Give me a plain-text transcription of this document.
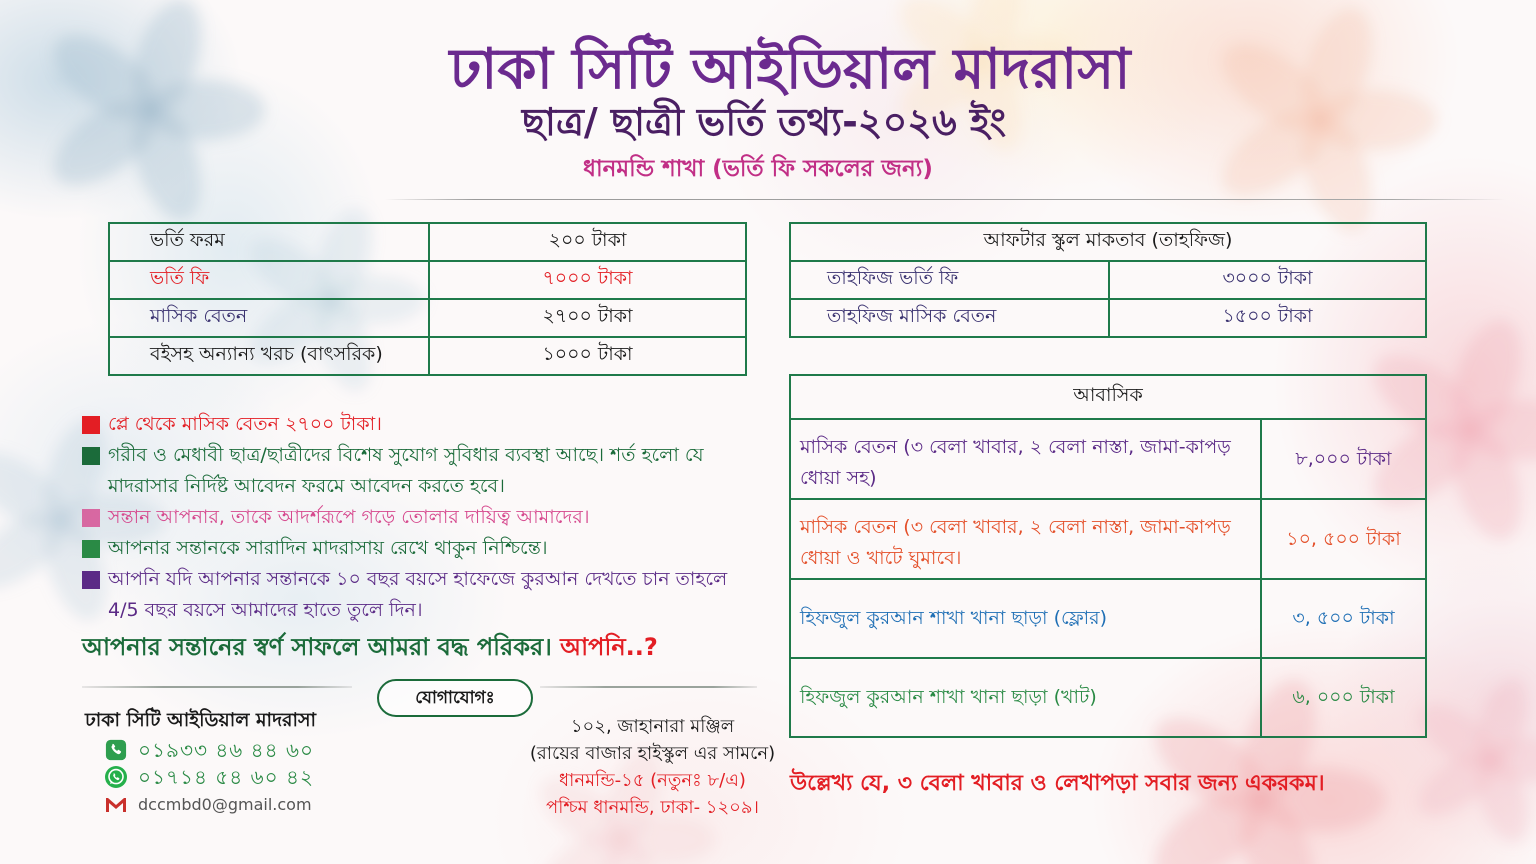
ঢাকা সিটি আইডিয়াল মাদরাসা
ছাত্র/ ছাত্রী ভর্তি তথ্য-২০২৬ ইং
ধানমন্ডি শাখা (ভর্তি ফি সকলের জন্য)
ভর্তি ফরম	২০০ টাকা
ভর্তি ফি	৭০০০ টাকা
মাসিক বেতন	২৭০০ টাকা
বইসহ অন্যান্য খরচ (বাৎসরিক)	১০০০ টাকা
আফটার স্কুল মাকতাব (তাহফিজ)	
তাহফিজ ভর্তি ফি	৩০০০ টাকা
তাহফিজ মাসিক বেতন	১৫০০ টাকা
আবাসিক	
মাসিক বেতন (৩ বেলা খাবার, ২ বেলা নাস্তা, জামা-কাপড় ধোয়া সহ)	৮,০০০ টাকা
মাসিক বেতন (৩ বেলা খাবার, ২ বেলা নাস্তা, জামা-কাপড় ধোয়া ও খাটে ঘুমাবে।	১০, ৫০০ টাকা
হিফজুল কুরআন শাখা খানা ছাড়া (ফ্লোর)	৩, ৫০০ টাকা
হিফজুল কুরআন শাখা খানা ছাড়া (খাট)	৬, ০০০ টাকা
প্লে থেকে মাসিক বেতন ২৭০০ টাকা।
গরীব ও মেধাবী ছাত্র/ছাত্রীদের বিশেষ সুযোগ সুবিধার ব্যবস্থা আছে। শর্ত হলো যে মাদরাসার নির্দিষ্ট আবেদন ফরমে আবেদন করতে হবে।
সন্তান আপনার, তাকে আদর্শরূপে গড়ে তোলার দায়িত্ব আমাদের।
আপনার সন্তানকে সারাদিন মাদরাসায় রেখে থাকুন নিশ্চিন্তে।
আপনি যদি আপনার সন্তানকে ১০ বছর বয়সে হাফেজে কুরআন দেখতে চান তাহলে 4/5 বছর বয়সে আমাদের হাতে তুলে দিন।
আপনার সন্তানের স্বর্ণ সাফলে আমরা বদ্ধ পরিকর। আপনি..?
যোগাযোগঃ
ঢাকা সিটি আইডিয়াল মাদরাসা
০১৯৩৩ ৪৬ ৪৪ ৬০
০১৭১৪ ৫৪ ৬০ ৪২
dccmbd0@gmail.com
১০২, জাহানারা মঞ্জিল
(রায়ের বাজার হাইস্কুল এর সামনে)
ধানমন্ডি-১৫ (নতুনঃ ৮/এ)
পশ্চিম ধানমন্ডি, ঢাকা- ১২০৯।
উল্লেখ্য যে, ৩ বেলা খাবার ও লেখাপড়া সবার জন্য একরকম।
